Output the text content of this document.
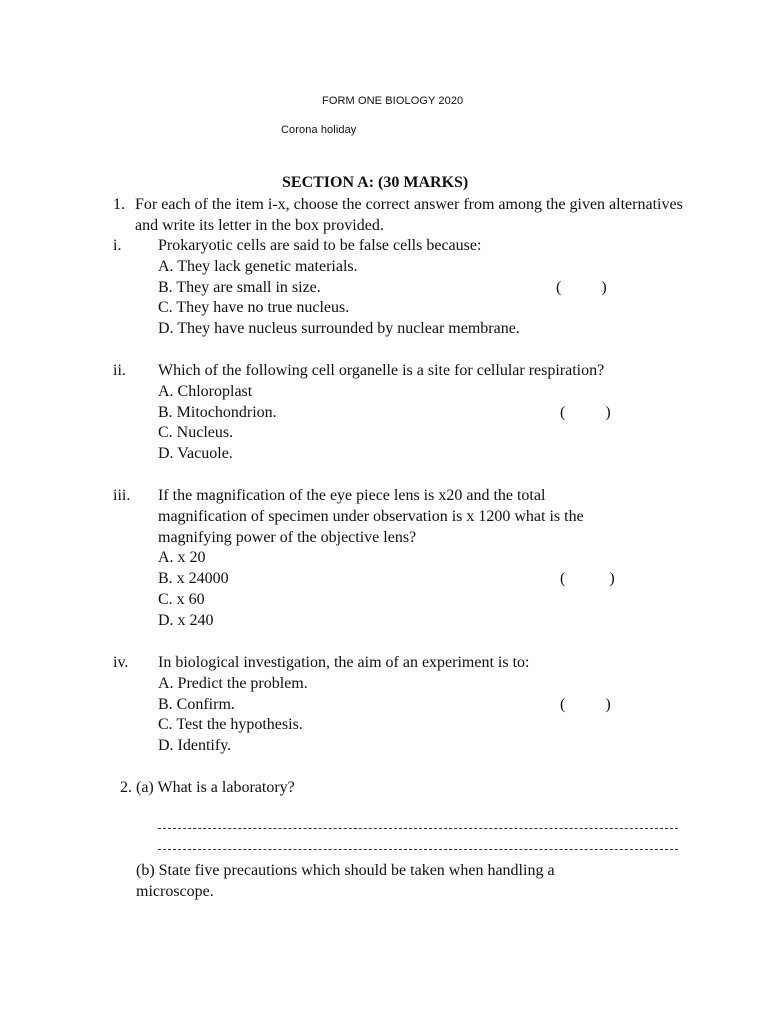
FORM ONE BIOLOGY 2020
Corona holiday
SECTION A: (30 MARKS)
1. For each of the item i-x, choose the correct answer from among the given alternatives and write its letter in the box provided.
i. Prokaryotic cells are said to be false cells because:
A. They lack genetic materials.
B. They are small in size.
C. They have no true nucleus.
D. They have nucleus surrounded by nuclear membrane.
(          )
ii. Which of the following cell organelle is a site for cellular respiration?
A. Chloroplast
B. Mitochondrion.
C. Nucleus.
D. Vacuole.
(          )
iii. If the magnification of the eye piece lens is x20 and the total
magnification of specimen under observation is x 1200 what is the
magnifying power of the objective lens?
A. x 20
B. x 24000
C. x 60
D. x 240
(           )
iv. In biological investigation, the aim of an experiment is to:
A. Predict the problem.
B. Confirm.
C. Test the hypothesis.
D. Identify.
(          )
2. (a) What is a laboratory?
(b) State five precautions which should be taken when handling a microscope.
